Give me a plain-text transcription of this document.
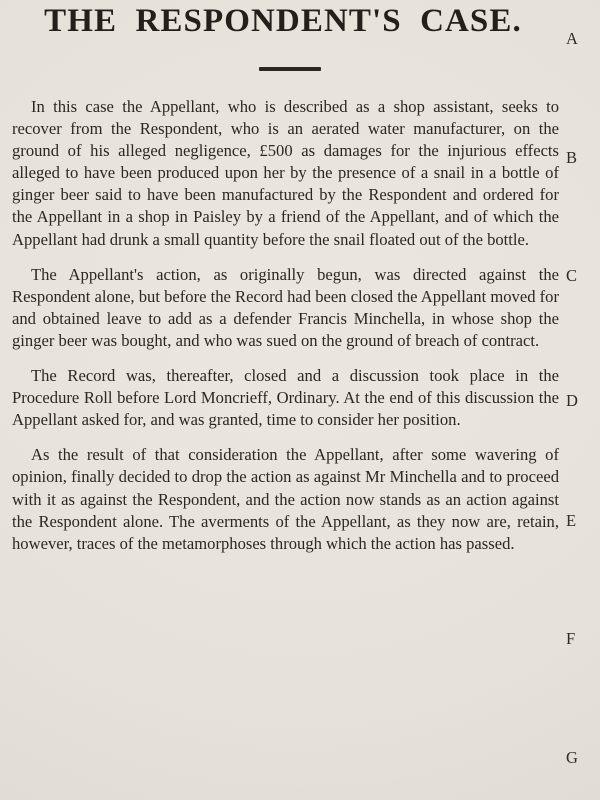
THE RESPONDENT'S CASE.

In this case the Appellant, who is described as a shop assistant, seeks to recover from the Respondent, who is an aerated water manufacturer, on the ground of his alleged negligence, £500 as damages for the injurious effects alleged to have been produced upon her by the presence of a snail in a bottle of ginger beer said to have been manufactured by the Respondent and ordered for the Appellant in a shop in Paisley by a friend of the Appellant, and of which the Appellant had drunk a small quantity before the snail floated out of the bottle.

The Appellant's action, as originally begun, was directed against the Respondent alone, but before the Record had been closed the Appellant moved for and obtained leave to add as a defender Francis Minchella, in whose shop the ginger beer was bought, and who was sued on the ground of breach of contract.

The Record was, thereafter, closed and a discussion took place in the Procedure Roll before Lord Moncrieff, Ordinary. At the end of this discussion the Appellant asked for, and was granted, time to consider her position.

As the result of that consideration the Appellant, after some wavering of opinion, finally decided to drop the action as against Mr Minchella and to proceed with it as against the Respondent, and the action now stands as an action against the Respondent alone. The averments of the Appellant, as they now are, retain, however, traces of the metamorphoses through which the action has passed.

A
B
C
D
E
F
G
